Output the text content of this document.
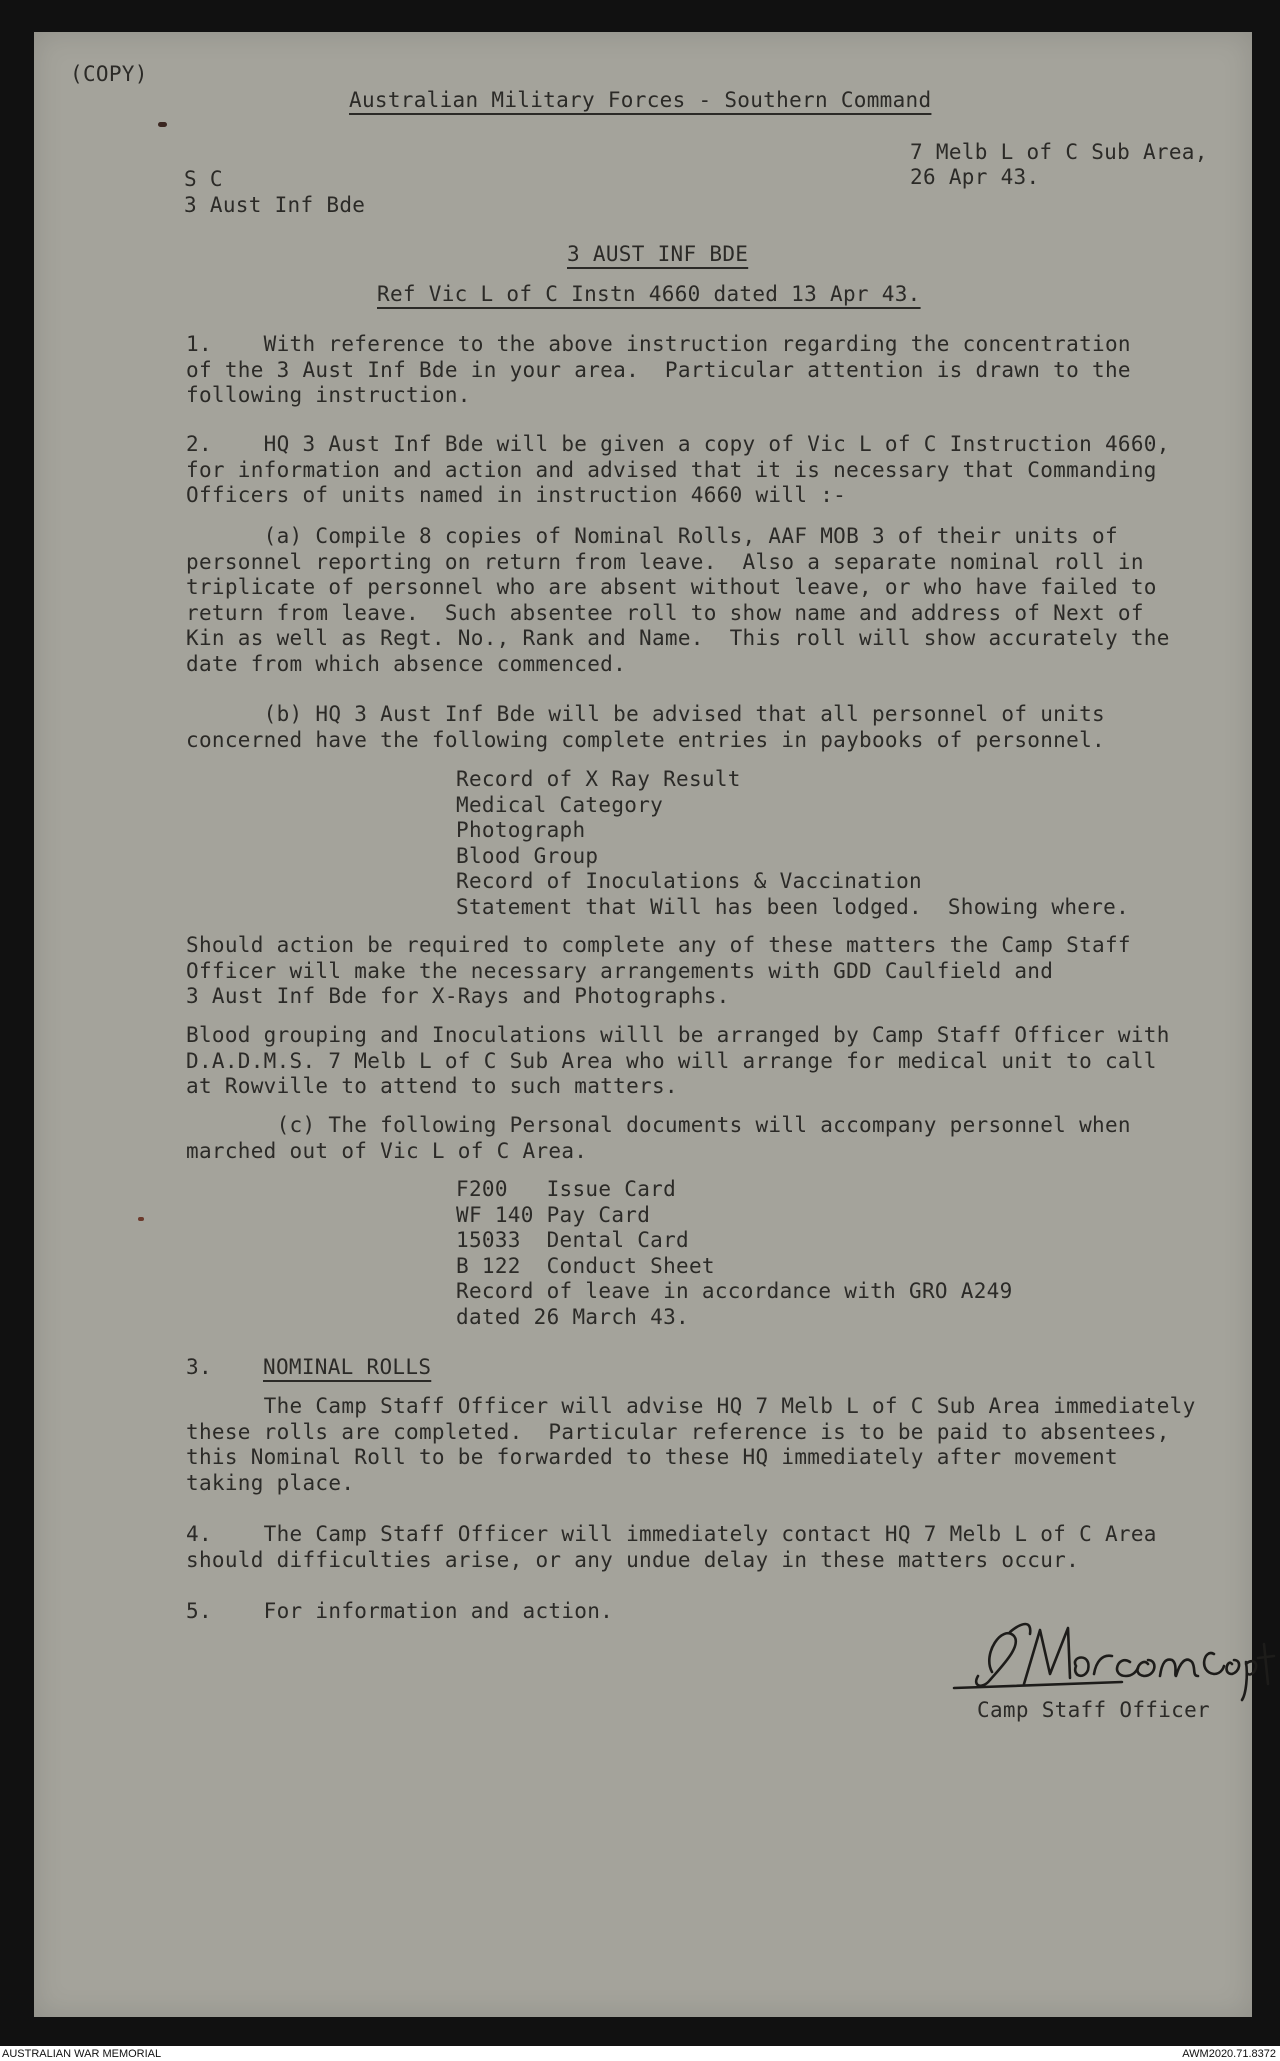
(COPY)
Australian Military Forces - Southern Command
7 Melb L of C Sub Area,
26 Apr 43.
S C
3 Aust Inf Bde
3 AUST INF BDE
Ref Vic L of C Instn 4660 dated 13 Apr 43.
1.    With reference to the above instruction regarding the concentration
of the 3 Aust Inf Bde in your area.  Particular attention is drawn to the
following instruction.
2.    HQ 3 Aust Inf Bde will be given a copy of Vic L of C Instruction 4660,
for information and action and advised that it is necessary that Commanding
Officers of units named in instruction 4660 will :-
(a) Compile 8 copies of Nominal Rolls, AAF MOB 3 of their units of
personnel reporting on return from leave.  Also a separate nominal roll in
triplicate of personnel who are absent without leave, or who have failed to
return from leave.  Such absentee roll to show name and address of Next of
Kin as well as Regt. No., Rank and Name.  This roll will show accurately the
date from which absence commenced.
(b) HQ 3 Aust Inf Bde will be advised that all personnel of units
concerned have the following complete entries in paybooks of personnel.
Record of X Ray Result
Medical Category
Photograph
Blood Group
Record of Inoculations & Vaccination
Statement that Will has been lodged.  Showing where.
Should action be required to complete any of these matters the Camp Staff
Officer will make the necessary arrangements with GDD Caulfield and
3 Aust Inf Bde for X-Rays and Photographs.
Blood grouping and Inoculations willl be arranged by Camp Staff Officer with
D.A.D.M.S. 7 Melb L of C Sub Area who will arrange for medical unit to call
at Rowville to attend to such matters.
(c) The following Personal documents will accompany personnel when
marched out of Vic L of C Area.
F200   Issue Card
WF 140 Pay Card
15033  Dental Card
B 122  Conduct Sheet
Record of leave in accordance with GRO A249
dated 26 March 43.
3. NOMINAL ROLLS
The Camp Staff Officer will advise HQ 7 Melb L of C Sub Area immediately
these rolls are completed.  Particular reference is to be paid to absentees,
this Nominal Roll to be forwarded to these HQ immediately after movement
taking place.
4.    The Camp Staff Officer will immediately contact HQ 7 Melb L of C Area
should difficulties arise, or any undue delay in these matters occur.
5.    For information and action.	SMorcom Capt
Camp Staff Officer
AUSTRALIAN WAR MEMORIAL	AWM2020.71.8372
